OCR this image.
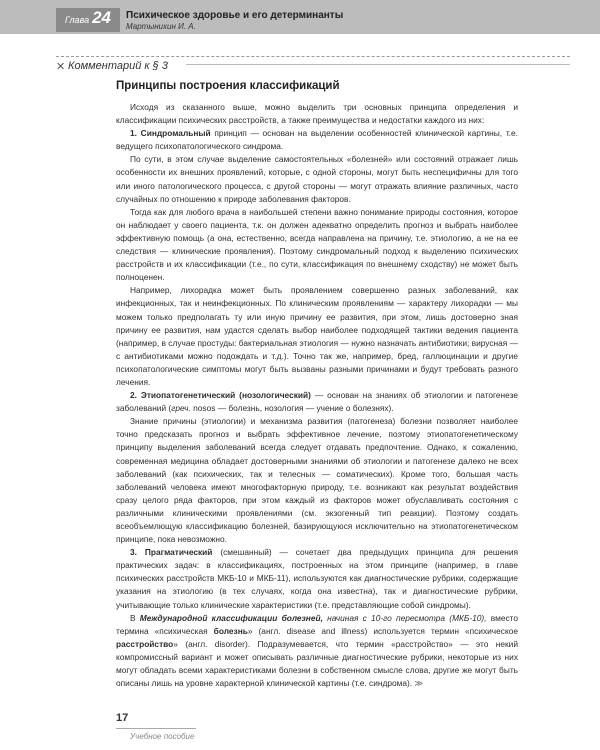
Глава 24 Психическое здоровье и его детерминанты
Мартынихин И. А.
✕ Комментарий к § 3
Принципы построения классификаций

Исходя из сказанного выше, можно выделить три основных принципа определения и классификации психических расстройств, а также преимущества и недостатки каждого из них:

1. Синдромальный принцип — основан на выделении особенностей клинической картины, т.е. ведущего психопатологического синдрома.

По сути, в этом случае выделение самостоятельных «болезней» или состояний отражает лишь особенности их внешних проявлений, которые, с одной стороны, могут быть неспецифичны для того или иного патологического процесса, с другой стороны — могут отражать влияние различных, часто случайных по отношению к природе заболевания факторов.

Тогда как для любого врача в наибольшей степени важно понимание природы состояния, которое он наблюдает у своего пациента, т.к. он должен адекватно определить прогноз и выбрать наиболее эффективную помощь (а она, естественно, всегда направлена на причину, т.е. этиологию, а не на ее следствия — клинические проявления). Поэтому синдромальный подход к выделению психических расстройств и их классификации (т.е., по сути, классификация по внешнему сходству) не может быть полноценен.

Например, лихорадка может быть проявлением совершенно разных заболеваний, как инфекционных, так и неинфекционных. По клиническим проявлениям — характеру лихорадки — мы можем только предполагать ту или иную причину ее развития, при этом, лишь достоверно зная причину ее развития, нам удастся сделать выбор наиболее подходящей тактики ведения пациента (например, в случае простуды: бактериальная этиология — нужно назначать антибиотики; вирусная — с антибиотиками можно подождать и т.д.). Точно так же, например, бред, галлюцинации и другие психопатологические симптомы могут быть вызваны разными причинами и будут требовать разного лечения.

2. Этиопатогенетический (нозологический) — основан на знаниях об этиологии и патогенезе заболеваний (греч. nosos — болезнь, нозология — учение о болезнях).

Знание причины (этиологии) и механизма развития (патогенеза) болезни позволяет наиболее точно предсказать прогноз и выбрать эффективное лечение, поэтому этиопатогенетическому принципу выделения заболеваний всегда следует отдавать предпочтение. Однако, к сожалению, современная медицина обладает достоверными знаниями об этиологии и патогенезе далеко не всех заболеваний (как психических, так и телесных — соматических). Кроме того, большая часть заболеваний человека имеют многофакторную природу, т.е. возникают как результат воздействия сразу целого ряда факторов, при этом каждый из факторов может обуславливать состояния с различными клиническими проявлениями (см. экзогенный тип реакции). Поэтому создать всеобъемлющую классификацию болезней, базирующуюся исключительно на этиопатогенетическом принципе, пока невозможно.

3. Прагматический (смешанный) — сочетает два предыдущих принципа для решения практических задач: в классификациях, построенных на этом принципе (например, в главе психических расстройств МКБ-10 и МКБ-11), используются как диагностические рубрики, содержащие указания на этиологию (в тех случаях, когда она известна), так и диагностические рубрики, учитывающие только клинические характеристики (т.е. представляющие собой синдромы).

В Международной классификации болезней, начиная с 10-го пересмотра (МКБ-10), вместо термина «психическая болезнь» (англ. disease and illness) используется термин «психическое расстройство» (англ. disorder). Подразумевается, что термин «расстройство» — это некий компромиссный вариант и может описывать различные диагностические рубрики, некоторые из них могут обладать всеми характеристиками болезни в собственном смысле слова, другие же могут быть описаны лишь на уровне характерной клинической картины (т.е. синдрома). ≫

17
Учебное пособие
